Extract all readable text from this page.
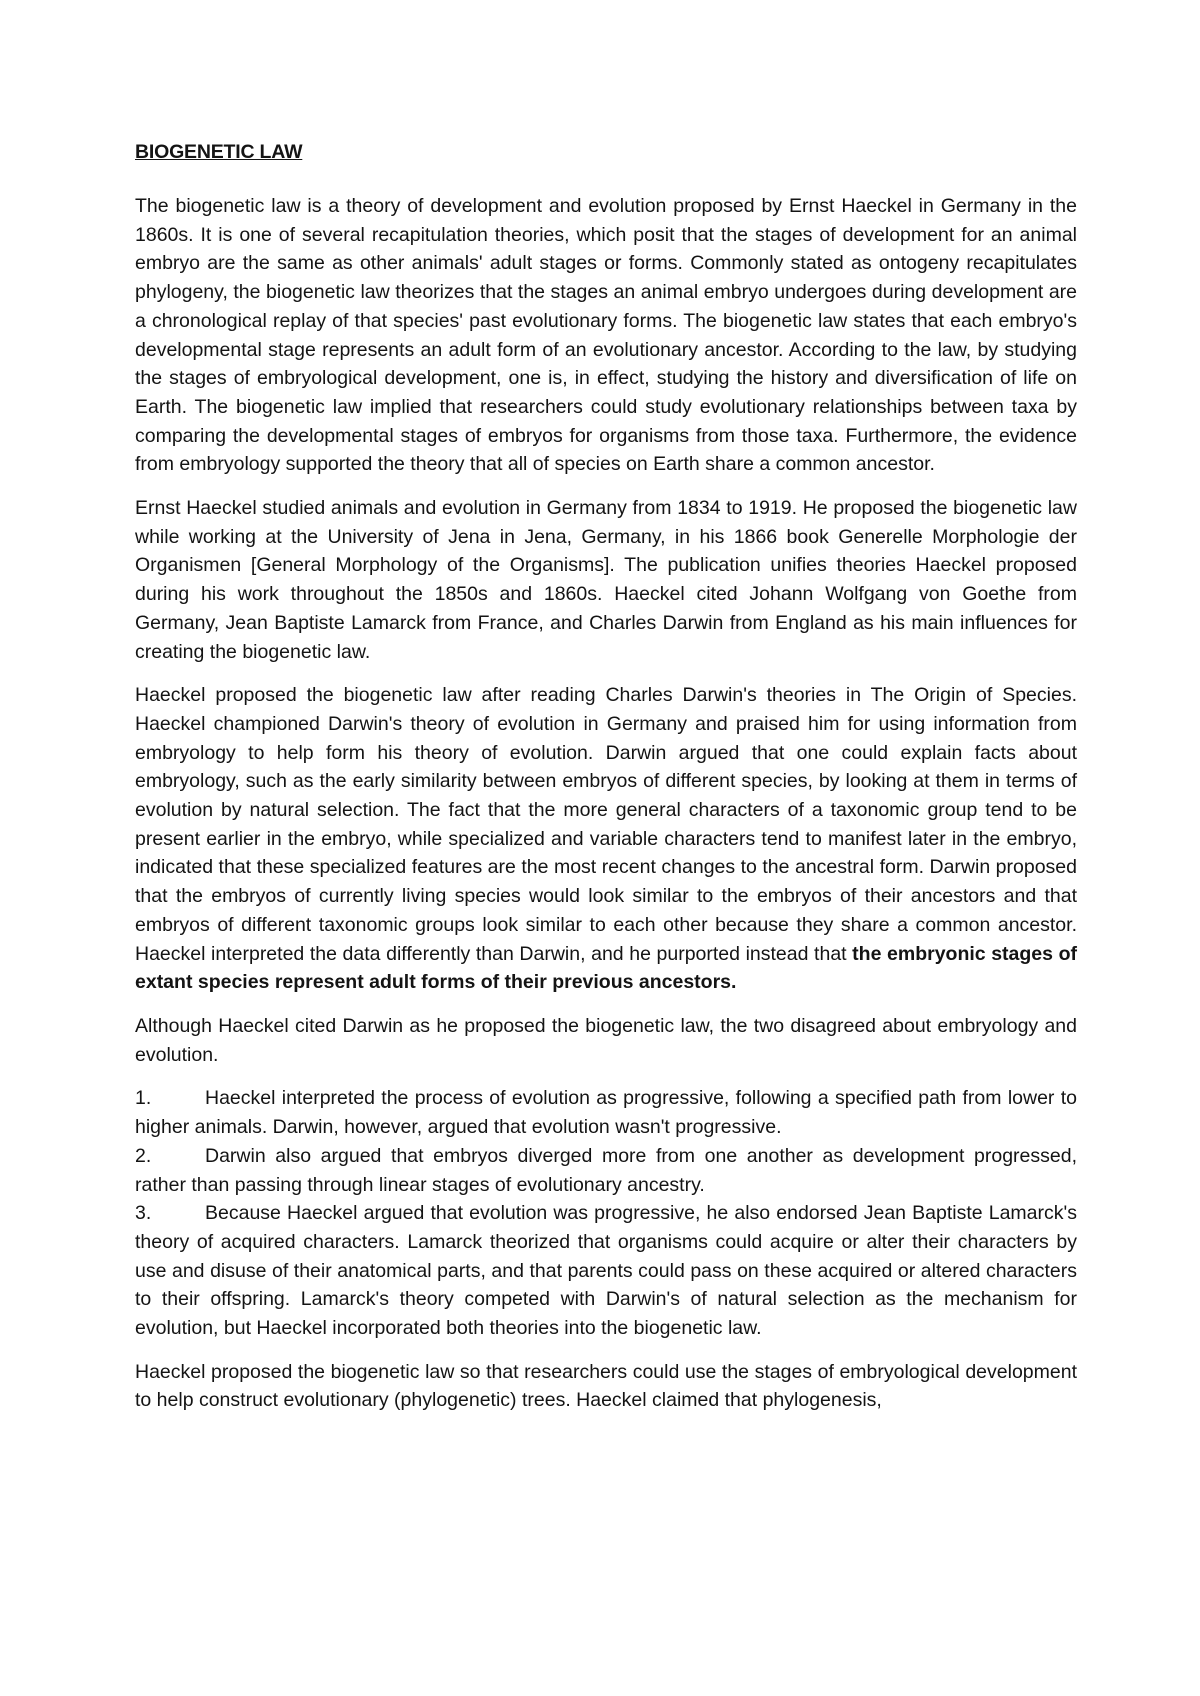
BIOGENETIC LAW

The biogenetic law is a theory of development and evolution proposed by Ernst Haeckel in Germany in the 1860s. It is one of several recapitulation theories, which posit that the stages of development for an animal embryo are the same as other animals' adult stages or forms. Commonly stated as ontogeny recapitulates phylogeny, the biogenetic law theorizes that the stages an animal embryo undergoes during development are a chronological replay of that species' past evolutionary forms. The biogenetic law states that each embryo's developmental stage represents an adult form of an evolutionary ancestor. According to the law, by studying the stages of embryological development, one is, in effect, studying the history and diversification of life on Earth. The biogenetic law implied that researchers could study evolutionary relationships between taxa by comparing the developmental stages of embryos for organisms from those taxa. Furthermore, the evidence from embryology supported the theory that all of species on Earth share a common ancestor.

Ernst Haeckel studied animals and evolution in Germany from 1834 to 1919. He proposed the biogenetic law while working at the University of Jena in Jena, Germany, in his 1866 book Generelle Morphologie der Organismen [General Morphology of the Organisms]. The publication unifies theories Haeckel proposed during his work throughout the 1850s and 1860s. Haeckel cited Johann Wolfgang von Goethe from Germany, Jean Baptiste Lamarck from France, and Charles Darwin from England as his main influences for creating the biogenetic law.

Haeckel proposed the biogenetic law after reading Charles Darwin's theories in The Origin of Species. Haeckel championed Darwin's theory of evolution in Germany and praised him for using information from embryology to help form his theory of evolution. Darwin argued that one could explain facts about embryology, such as the early similarity between embryos of different species, by looking at them in terms of evolution by natural selection. The fact that the more general characters of a taxonomic group tend to be present earlier in the embryo, while specialized and variable characters tend to manifest later in the embryo, indicated that these specialized features are the most recent changes to the ancestral form. Darwin proposed that the embryos of currently living species would look similar to the embryos of their ancestors and that embryos of different taxonomic groups look similar to each other because they share a common ancestor. Haeckel interpreted the data differently than Darwin, and he purported instead that the embryonic stages of extant species represent adult forms of their previous ancestors.

Although Haeckel cited Darwin as he proposed the biogenetic law, the two disagreed about embryology and evolution.

1.	Haeckel interpreted the process of evolution as progressive, following a specified path from lower to higher animals. Darwin, however, argued that evolution wasn't progressive.

2.	Darwin also argued that embryos diverged more from one another as development progressed, rather than passing through linear stages of evolutionary ancestry.

3.	Because Haeckel argued that evolution was progressive, he also endorsed Jean Baptiste Lamarck's theory of acquired characters. Lamarck theorized that organisms could acquire or alter their characters by use and disuse of their anatomical parts, and that parents could pass on these acquired or altered characters to their offspring. Lamarck's theory competed with Darwin's of natural selection as the mechanism for evolution, but Haeckel incorporated both theories into the biogenetic law.

Haeckel proposed the biogenetic law so that researchers could use the stages of embryological development to help construct evolutionary (phylogenetic) trees. Haeckel claimed that phylogenesis,
